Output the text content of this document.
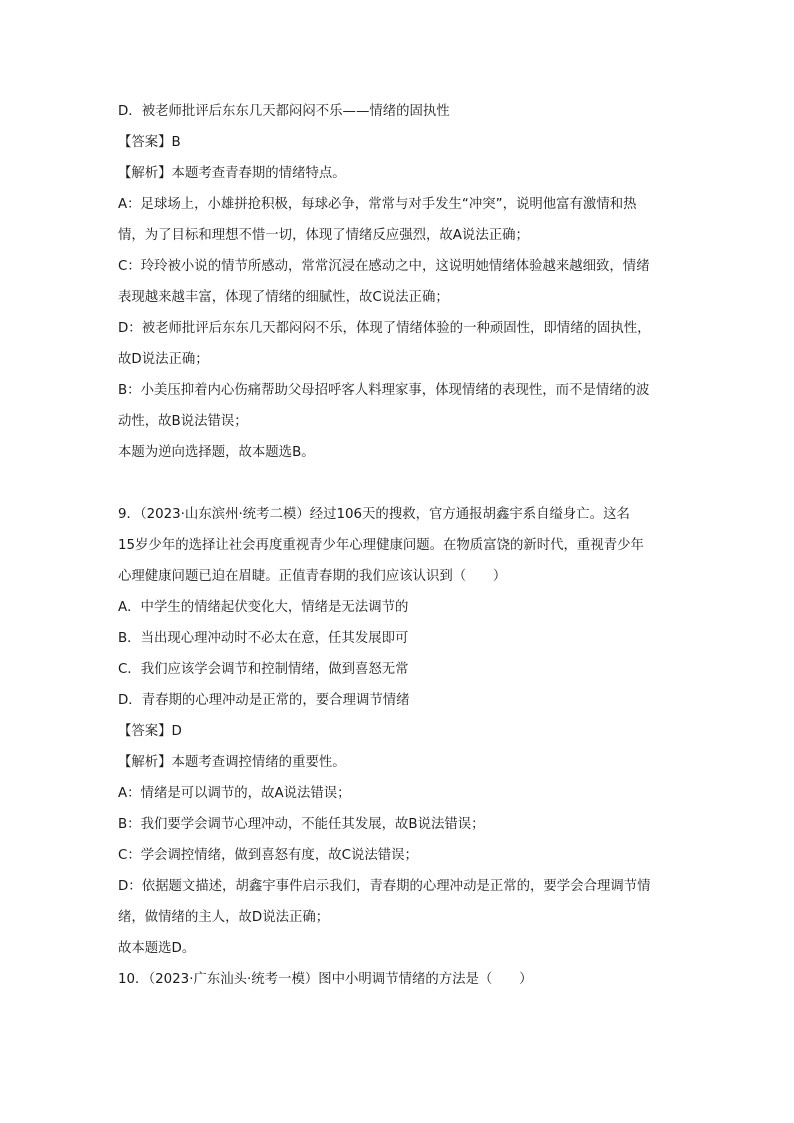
D．被老师批评后东东几天都闷闷不乐——情绪的固执性
【答案】B
【解析】本题考查青春期的情绪特点。
A：足球场上，小雄拼抢积极，每球必争，常常与对手发生“冲突”，说明他富有激情和热
情，为了目标和理想不惜一切，体现了情绪反应强烈，故A说法正确；
C：玲玲被小说的情节所感动，常常沉浸在感动之中，这说明她情绪体验越来越细致，情绪
表现越来越丰富，体现了情绪的细腻性，故C说法正确；
D：被老师批评后东东几天都闷闷不乐，体现了情绪体验的一种顽固性，即情绪的固执性，
故D说法正确；
B：小美压抑着内心伤痛帮助父母招呼客人料理家事，体现情绪的表现性，而不是情绪的波
动性，故B说法错误；
本题为逆向选择题，故本题选B。
9．（2023·山东滨州·统考二模）经过106天的搜救，官方通报胡鑫宇系自缢身亡。这名
15岁少年的选择让社会再度重视青少年心理健康问题。在物质富饶的新时代，重视青少年
心理健康问题已迫在眉睫。正值青春期的我们应该认识到（　　）
A．中学生的情绪起伏变化大，情绪是无法调节的
B．当出现心理冲动时不必太在意，任其发展即可
C．我们应该学会调节和控制情绪，做到喜怒无常
D．青春期的心理冲动是正常的，要合理调节情绪
【答案】D
【解析】本题考查调控情绪的重要性。
A：情绪是可以调节的，故A说法错误；
B：我们要学会调节心理冲动，不能任其发展，故B说法错误；
C：学会调控情绪，做到喜怒有度，故C说法错误；
D：依据题文描述，胡鑫宇事件启示我们，青春期的心理冲动是正常的，要学会合理调节情
绪，做情绪的主人，故D说法正确；
故本题选D。
10．（2023·广东汕头·统考一模）图中小明调节情绪的方法是（　　）
